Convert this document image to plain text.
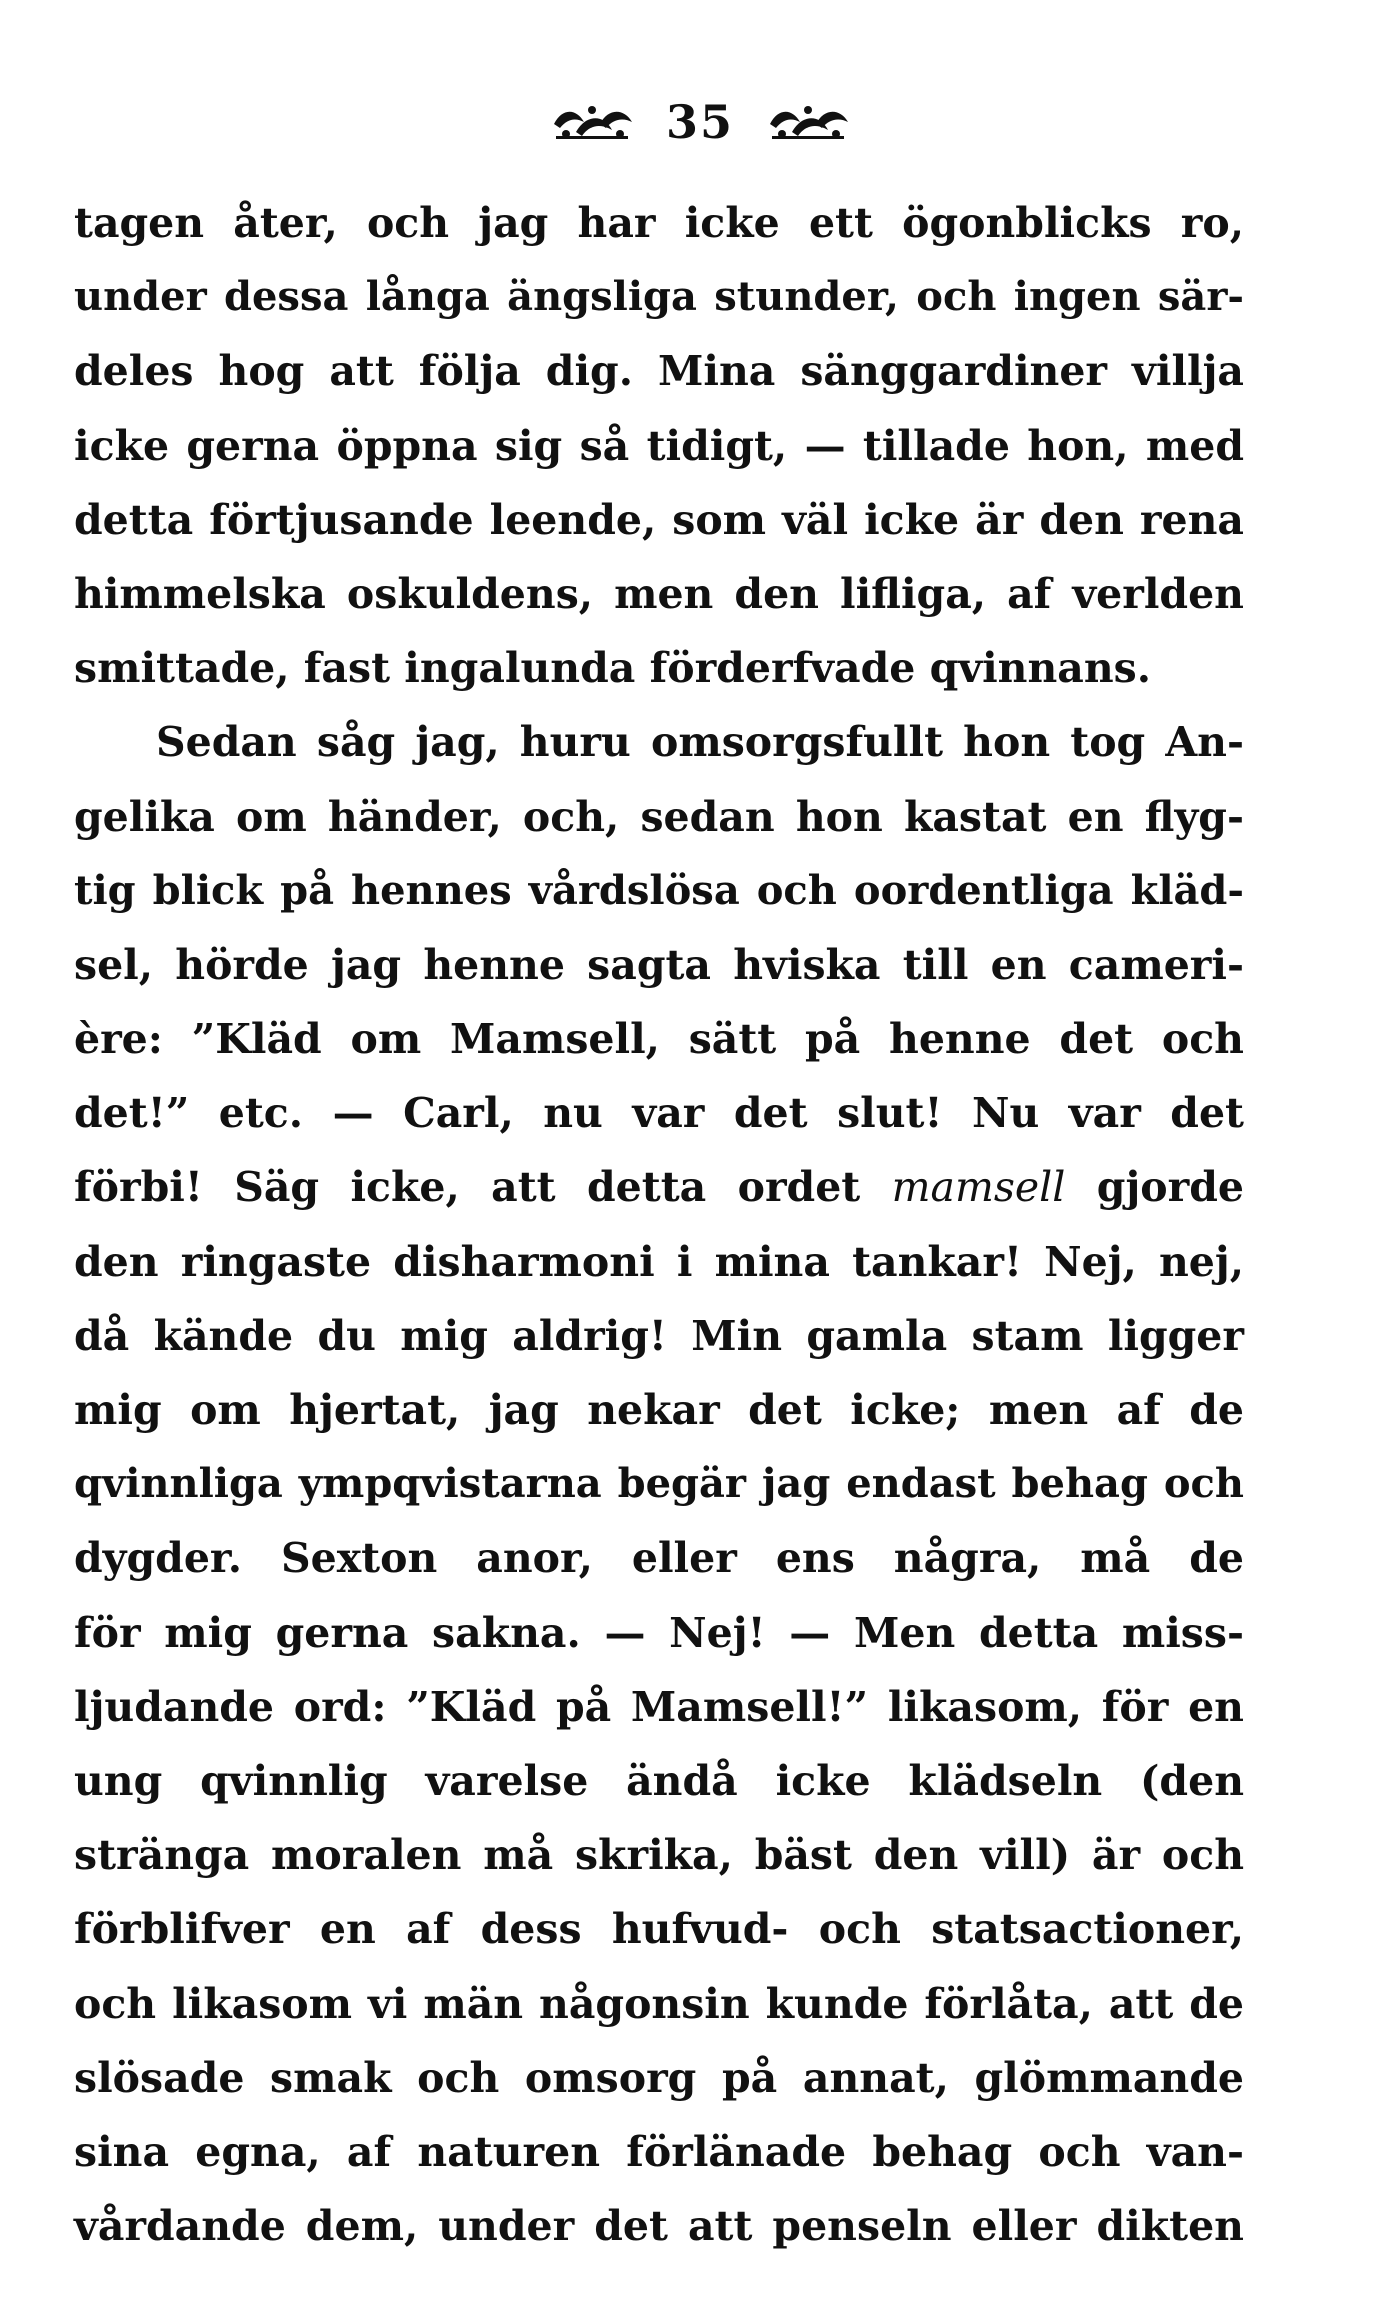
35
tagen åter, och jag har icke ett ögonblicks ro,
under dessa långa ängsliga stunder, och ingen sär-
deles hog att följa dig. Mina sänggardiner villja
icke gerna öppna sig så tidigt, — tillade hon, med
detta förtjusande leende, som väl icke är den rena
himmelska oskuldens, men den lifliga, af verlden
smittade, fast ingalunda förderfvade qvinnans.
Sedan såg jag, huru omsorgsfullt hon tog An-
gelika om händer, och, sedan hon kastat en flyg-
tig blick på hennes vårdslösa och oordentliga kläd-
sel, hörde jag henne sagta hviska till en cameri-
ère: ”Kläd om Mamsell, sätt på henne det och
det!” etc. — Carl, nu var det slut! Nu var det
förbi! Säg icke, att detta ordet mamsell gjorde
den ringaste disharmoni i mina tankar! Nej, nej,
då kände du mig aldrig! Min gamla stam ligger
mig om hjertat, jag nekar det icke; men af de
qvinnliga ympqvistarna begär jag endast behag och
dygder. Sexton anor, eller ens några, må de
för mig gerna sakna. — Nej! — Men detta miss-
ljudande ord: ”Kläd på Mamsell!” likasom, för en
ung qvinnlig varelse ändå icke klädseln (den
stränga moralen må skrika, bäst den vill) är och
förblifver en af dess hufvud- och statsactioner,
och likasom vi män någonsin kunde förlåta, att de
slösade smak och omsorg på annat, glömmande
sina egna, af naturen förlänade behag och van-
vårdande dem, under det att penseln eller dikten
